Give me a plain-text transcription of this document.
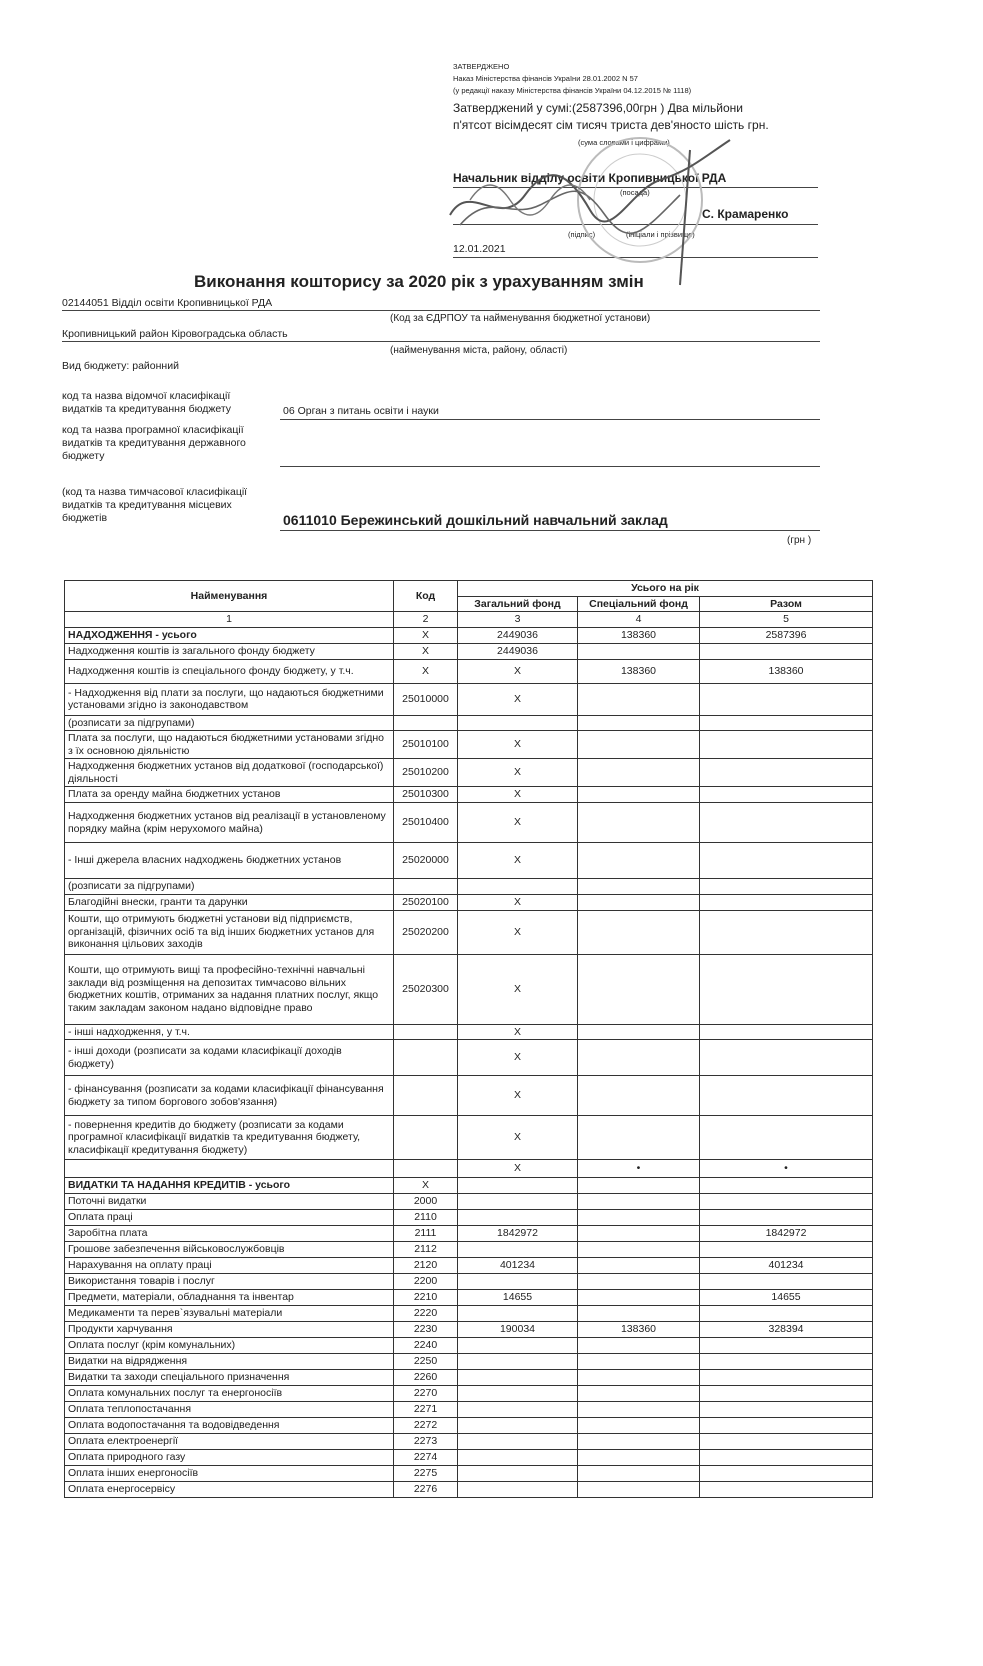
ЗАТВЕРДЖЕНО
Наказ Міністерства фінансів України 28.01.2002 N 57
(у редакції наказу Міністерства фінансів України 04.12.2015 № 1118)
Затверджений у сумі:(2587396,00грн ) Два мільйони
п'ятсот вісімдесят сім тисяч триста дев'яносто шість грн.
(сума словами і цифрами)
Начальник відділу освіти Кропивницької РДА
(посада)
С. Крамаренко
(підпис)	(ініціали і прізвище)
12.01.2021
Виконання кошторису за 2020 рік з урахуванням змін
02144051 Відділ освіти Кропивницької РДА
(Код за ЄДРПОУ та найменування бюджетної установи)
Кропивницький район Кіровоградська область
(найменування міста, району, області)
Вид бюджету: районний
код та назва відомчої класифікації видатків та кредитування бюджету	06 Орган з питань освіти і науки
код та назва програмної класифікації видатків та кредитування державного бюджету
(код та назва тимчасової класифікації видатків та кредитування місцевих бюджетів	0611010 Бережинський дошкільний навчальний заклад
(грн )
Найменування	Код	Усього на рік		
		Загальний фонд	Спеціальний фонд	Разом
1	2	3	4	5
НАДХОДЖЕННЯ - усього	X	2449036	138360	2587396
Надходження коштів із загального фонду бюджету	X	2449036		
Надходження коштів із спеціального фонду бюджету, у т.ч.	X	X	138360	138360
- Надходження від плати за послуги, що надаються бюджетними установами згідно із законодавством	25010000	X		
(розписати за підгрупами)				
Плата за послуги, що надаються бюджетними установами згідно з їх основною діяльністю	25010100	X		
Надходження бюджетних установ від додаткової (господарської) діяльності	25010200	X		
Плата за оренду майна бюджетних установ	25010300	X		
Надходження бюджетних установ від реалізації в установленому порядку майна (крім нерухомого майна)	25010400	X		
- Інші джерела власних надходжень бюджетних установ	25020000	X		
(розписати за підгрупами)				
Благодійні внески, гранти та дарунки	25020100	X		
Кошти, що отримують бюджетні установи від підприємств, організацій, фізичних осіб та від інших бюджетних установ для виконання цільових заходів	25020200	X		
Кошти, що отримують вищі та професійно-технічні навчальні заклади від розміщення на депозитах тимчасово вільних бюджетних коштів, отриманих за надання платних послуг, якщо таким закладам законом надано відповідне право	25020300	X		
- інші надходження, у т.ч.		X		
- інші доходи (розписати за кодами класифікації доходів бюджету)		X		
- фінансування (розписати за кодами класифікації фінансування бюджету за типом боргового зобов'язання)		X		
- повернення кредитів до бюджету (розписати за кодами програмної класифікації видатків та кредитування бюджету, класифікації кредитування бюджету)		X		
		X	•	•
ВИДАТКИ ТА НАДАННЯ КРЕДИТІВ - усього	X			
Поточні видатки	2000			
Оплата праці	2110			
Заробітна плата	2111	1842972		1842972
Грошове забезпечення військовослужбовців	2112			
Нарахування на оплату праці	2120	401234		401234
Використання товарів і послуг	2200			
Предмети, матеріали, обладнання та інвентар	2210	14655		14655
Медикаменти та перев`язувальні матеріали	2220			
Продукти харчування	2230	190034	138360	328394
Оплата послуг (крім комунальних)	2240			
Видатки на відрядження	2250			
Видатки та заходи спеціального призначення	2260			
Оплата комунальних послуг та енергоносіїв	2270			
Оплата теплопостачання	2271			
Оплата водопостачання та водовідведення	2272			
Оплата електроенергії	2273			
Оплата природного газу	2274			
Оплата інших енергоносіїв	2275			
Оплата енергосервісу	2276			
